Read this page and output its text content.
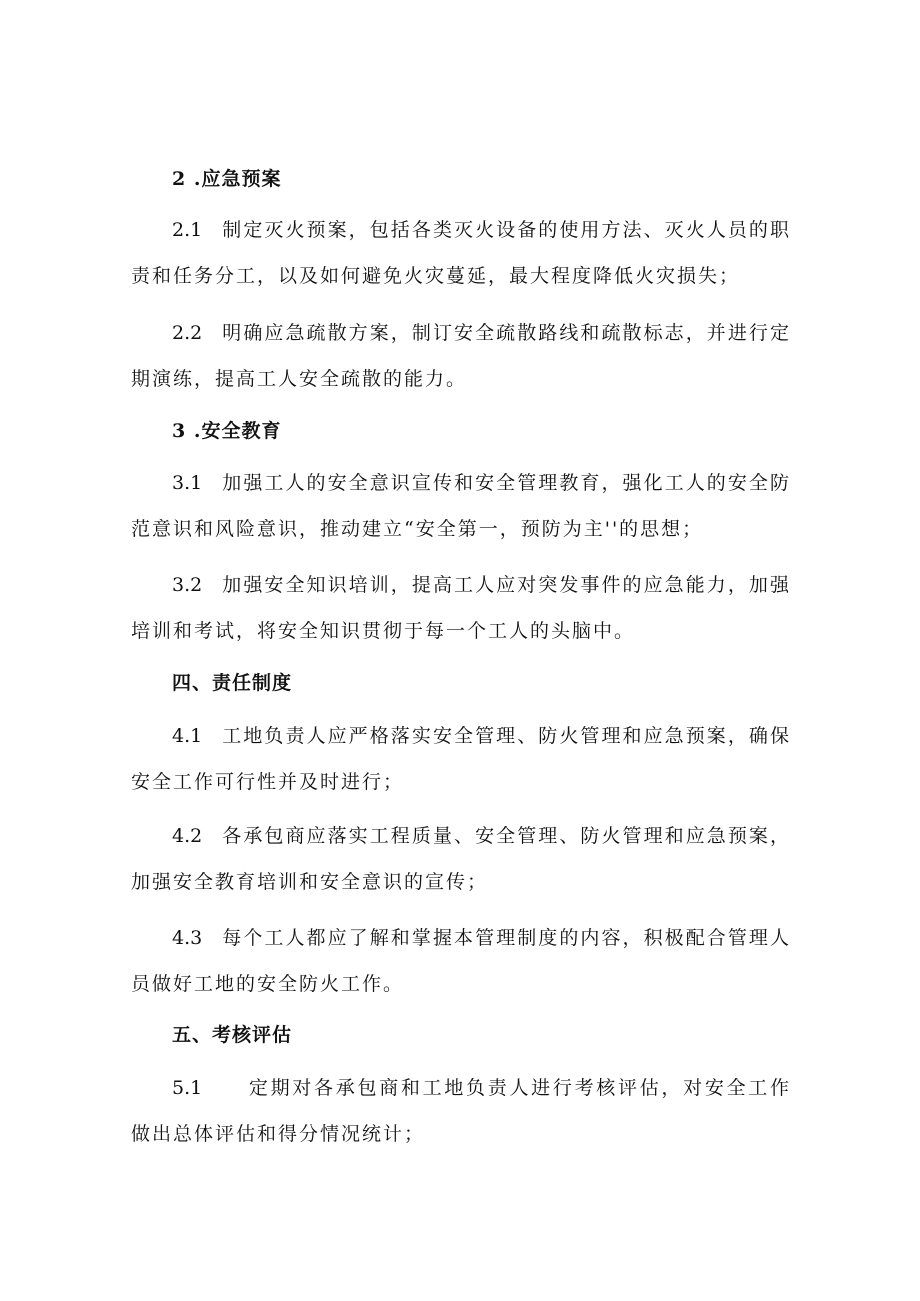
2 .应急预案
2.1 制定灭火预案，包括各类灭火设备的使用方法、灭火人员的职责和任务分工，以及如何避免火灾蔓延，最大程度降低火灾损失；
2.2 明确应急疏散方案，制订安全疏散路线和疏散标志，并进行定期演练，提高工人安全疏散的能力。
3 .安全教育
3.1 加强工人的安全意识宣传和安全管理教育，强化工人的安全防范意识和风险意识，推动建立“安全第一，预防为主''的思想；
3.2 加强安全知识培训，提高工人应对突发事件的应急能力，加强培训和考试，将安全知识贯彻于每一个工人的头脑中。
四、责任制度
4.1 工地负责人应严格落实安全管理、防火管理和应急预案，确保安全工作可行性并及时进行；
4.2 各承包商应落实工程质量、安全管理、防火管理和应急预案，加强安全教育培训和安全意识的宣传；
4.3 每个工人都应了解和掌握本管理制度的内容，积极配合管理人员做好工地的安全防火工作。
五、考核评估
5.1 定期对各承包商和工地负责人进行考核评估，对安全工作做出总体评估和得分情况统计；
